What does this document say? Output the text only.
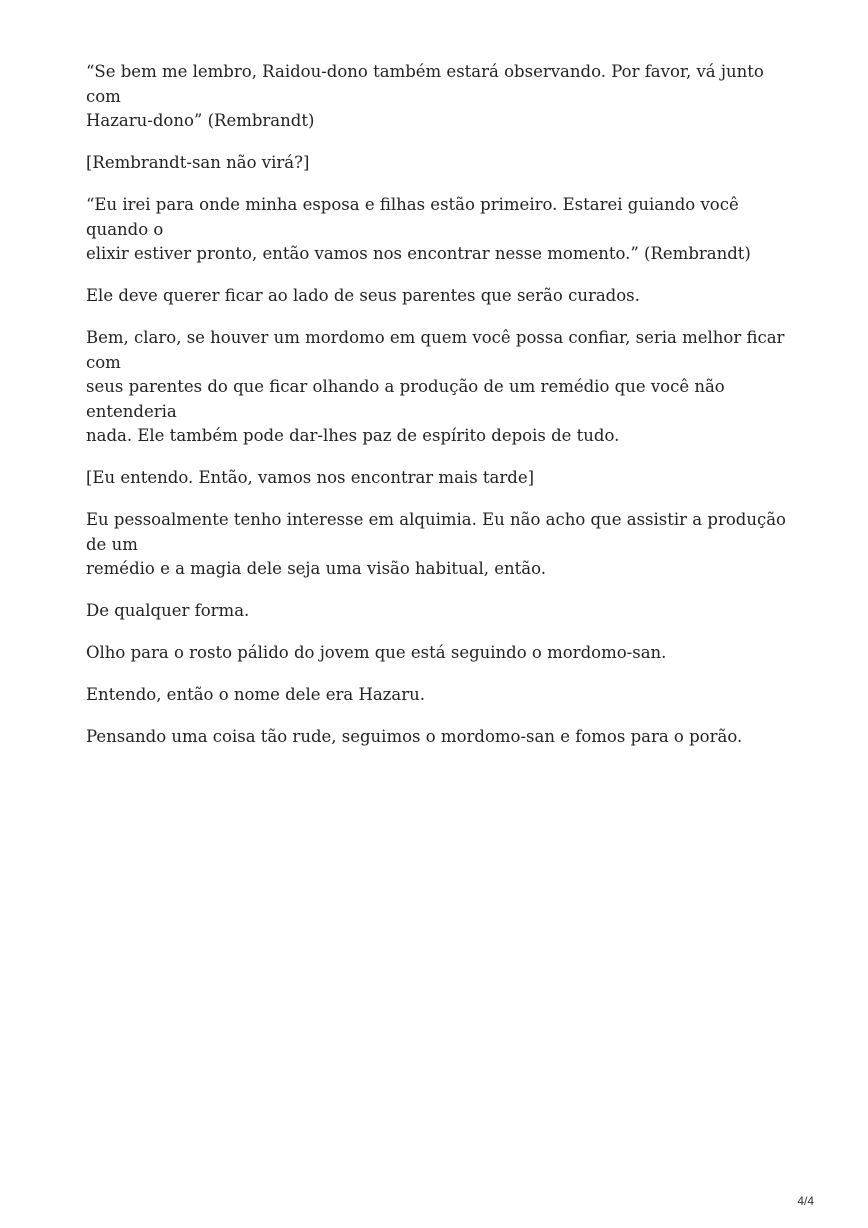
“Se bem me lembro, Raidou-dono também estará observando. Por favor, vá junto com
Hazaru-dono” (Rembrandt)

[Rembrandt-san não virá?]

“Eu irei para onde minha esposa e filhas estão primeiro. Estarei guiando você quando o
elixir estiver pronto, então vamos nos encontrar nesse momento.” (Rembrandt)

Ele deve querer ficar ao lado de seus parentes que serão curados.

Bem, claro, se houver um mordomo em quem você possa confiar, seria melhor ficar com
seus parentes do que ficar olhando a produção de um remédio que você não entenderia
nada. Ele também pode dar-lhes paz de espírito depois de tudo.

[Eu entendo. Então, vamos nos encontrar mais tarde]

Eu pessoalmente tenho interesse em alquimia. Eu não acho que assistir a produção de um
remédio e a magia dele seja uma visão habitual, então.

De qualquer forma.

Olho para o rosto pálido do jovem que está seguindo o mordomo-san.

Entendo, então o nome dele era Hazaru.

Pensando uma coisa tão rude, seguimos o mordomo-san e fomos para o porão.

4/4
